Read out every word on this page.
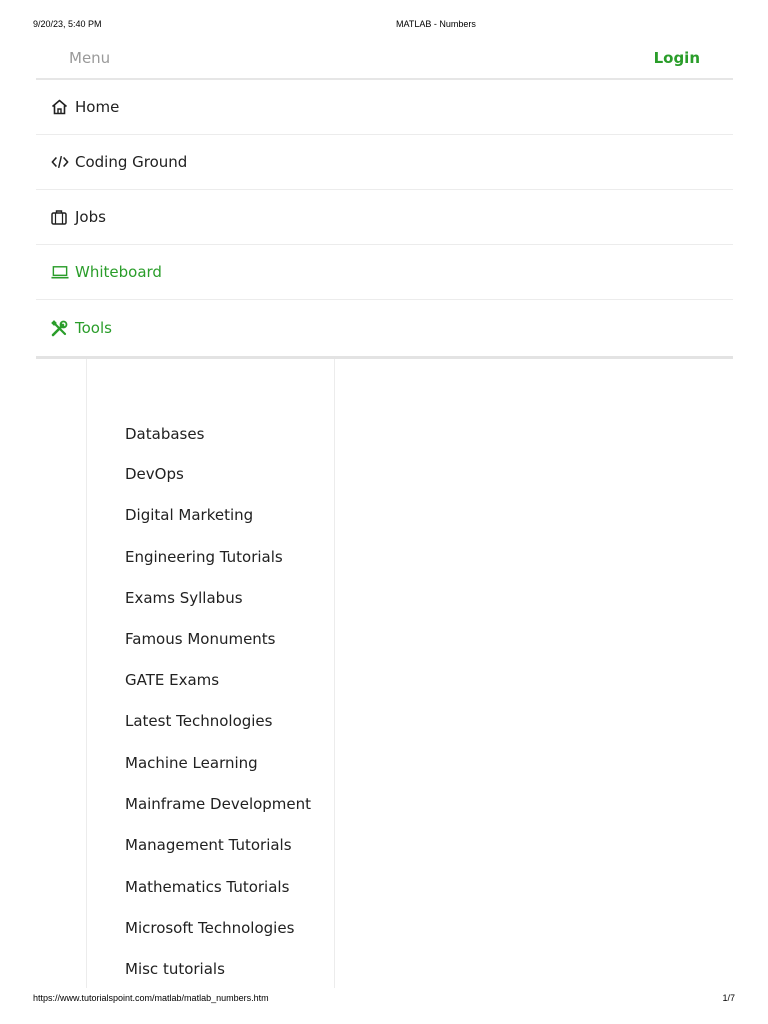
9/20/23, 5:40 PM	MATLAB - Numbers
Menu	Login
Home
Coding Ground
Jobs
Whiteboard
Tools
Databases
DevOps
Digital Marketing
Engineering Tutorials
Exams Syllabus
Famous Monuments
GATE Exams
Latest Technologies
Machine Learning
Mainframe Development
Management Tutorials
Mathematics Tutorials
Microsoft Technologies
Misc tutorials
https://www.tutorialspoint.com/matlab/matlab_numbers.htm	1/7
